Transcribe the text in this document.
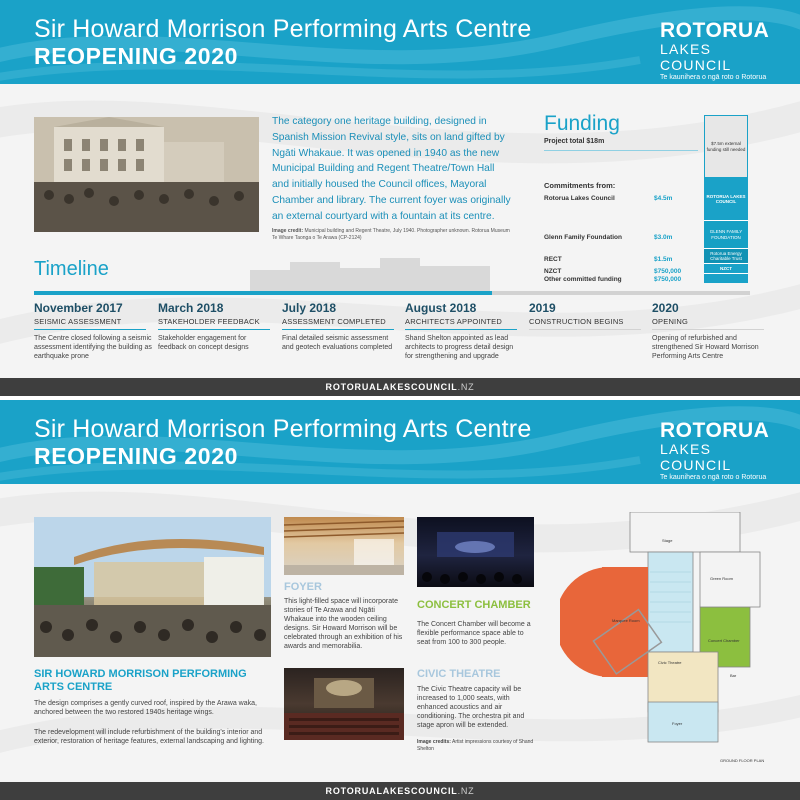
Sir Howard Morrison Performing Arts Centre
REOPENING 2020
ROTORUA
LAKES COUNCIL
Te kaunihera o ngā roto o Rotorua
The category one heritage building, designed in Spanish Mission Revival style, sits on land gifted by Ngāti Whakaue. It was opened in 1940 as the new Municipal Building and Regent Theatre/Town Hall and initially housed the Council offices, Mayoral Chamber and library. The current foyer was originally an external courtyard with a fountain at its centre.
Image credit: Municipal building and Regent Theatre, July 1940. Photographer unknown. Rotorua Museum Te Whare Taonga o Te Arawa (CP-2124)
Funding
Project total $18m
Commitments from:
Rotorua Lakes Council	$4.5m
Glenn Family Foundation	$3.0m
RECT	$1.5m
NZCT	$750,000
Other committed funding	$750,000
$7.5m external funding still needed
ROTORUA LAKES COUNCIL
GLENN FAMILY FOUNDATION
Rotorua Energy Charitable Trust
NZCT
Timeline
November 2017
SEISMIC ASSESSMENT
The Centre closed following a seismic assessment identifying the building as earthquake prone
March 2018
STAKEHOLDER FEEDBACK
Stakeholder engagement for feedback on concept designs
July 2018
ASSESSMENT COMPLETED
Final detailed seismic assessment and geotech evaluations completed
August 2018
ARCHITECTS APPOINTED
Shand Shelton appointed as lead architects to progress detail design for strengthening and upgrade
2019
CONSTRUCTION BEGINS
2020
OPENING
Opening of refurbished and strengthened Sir Howard Morrison Performing Arts Centre
ROTORUALAKESCOUNCIL.NZ
Sir Howard Morrison Performing Arts Centre
REOPENING 2020
ROTORUA
LAKES COUNCIL
Te kaunihera o ngā roto o Rotorua
SIR HOWARD MORRISON PERFORMING ARTS CENTRE
The design comprises a gently curved roof, inspired by the Arawa waka, anchored between the two restored 1940s heritage wings.
The redevelopment will include refurbishment of the building's interior and exterior, restoration of heritage features, external landscaping and lighting.
FOYER
This light-filled space will incorporate stories of Te Arawa and Ngāti Whakaue into the wooden ceiling designs. Sir Howard Morrison will be celebrated through an exhibition of his awards and memorabilia.
CONCERT CHAMBER
The Concert Chamber will become a flexible performance space able to seat from 100 to 300 people.
CIVIC THEATRE
The Civic Theatre capacity will be increased to 1,000 seats, with enhanced acoustics and air conditioning. The orchestra pit and stage apron will be extended.
Image credits: Artist impressions courtesy of Shand Shelton
Marquee Room
Civic Theatre
Concert Chamber
Foyer
Green Room
Bar
Stage
GROUND FLOOR PLAN
ROTORUALAKESCOUNCIL.NZ
